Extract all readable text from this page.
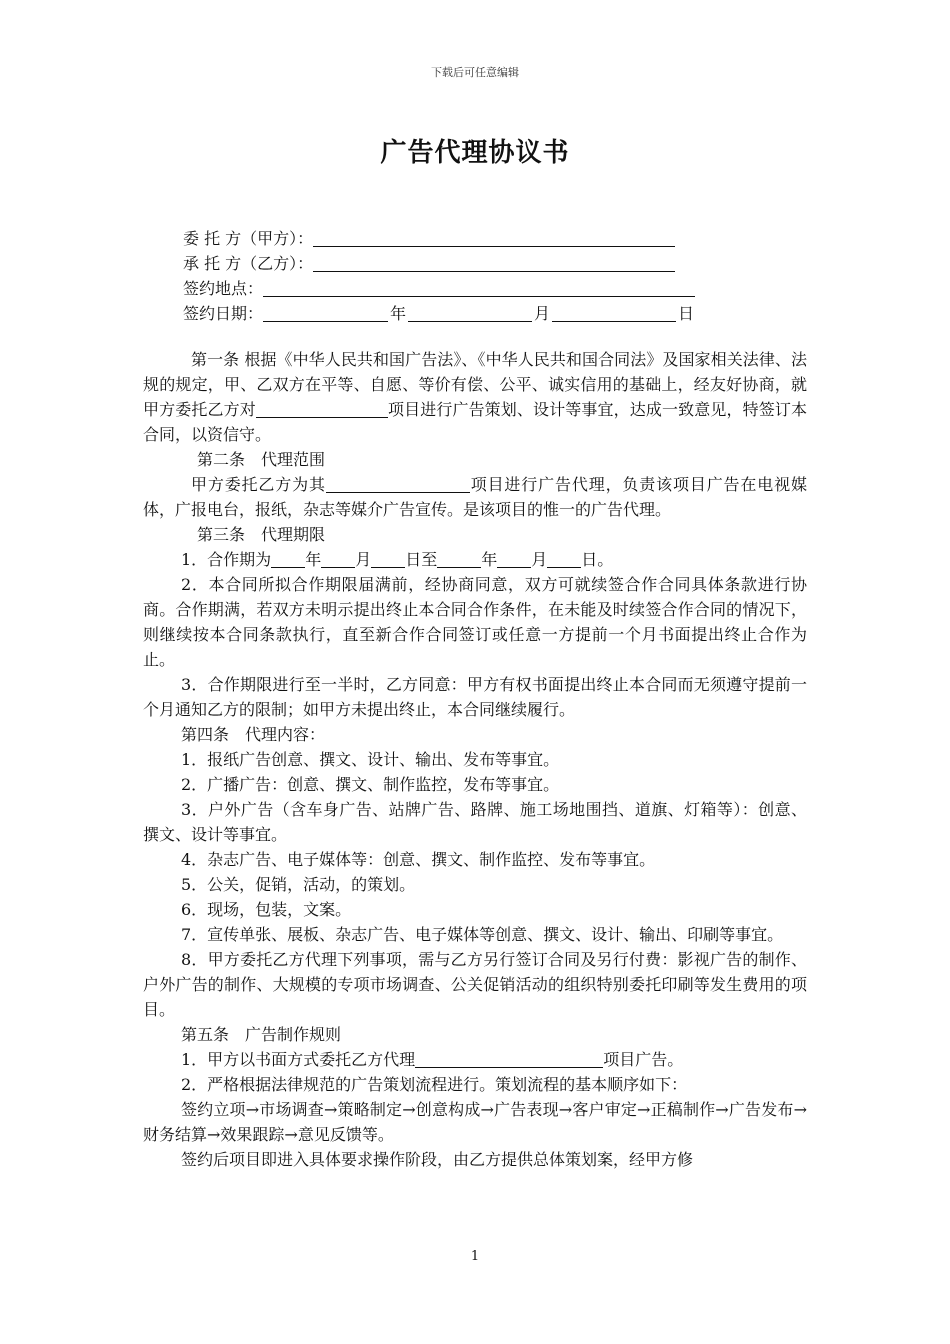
下载后可任意编辑
广告代理协议书
委 托 方（甲方）：
承 托 方（乙方）：
签约地点：
签约日期：	年	月	日

第一条 根据《中华人民共和国广告法》、《中华人民共和国合同法》及国家相关法律、法规的规定，甲、乙双方在平等、自愿、等价有偿、公平、诚实信用的基础上，经友好协商，就甲方委托乙方对	项目进行广告策划、设计等事宜，达成一致意见，特签订本合同，以资信守。

第二条　代理范围

甲方委托乙方为其	项目进行广告代理，负责该项目广告在电视媒体，广报电台，报纸，杂志等媒介广告宣传。是该项目的惟一的广告代理。

第三条　代理期限

1．合作期为 年 月 日至	年 月 日。

2．本合同所拟合作期限届满前，经协商同意，双方可就续签合作合同具体条款进行协商。合作期满，若双方未明示提出终止本合同合作条件，在未能及时续签合作合同的情况下，则继续按本合同条款执行，直至新合作合同签订或任意一方提前一个月书面提出终止合作为止。

3．合作期限进行至一半时，乙方同意：甲方有权书面提出终止本合同而无须遵守提前一个月通知乙方的限制；如甲方未提出终止，本合同继续履行。

第四条　代理内容：

1．报纸广告创意、撰文、设计、输出、发布等事宜。

2．广播广告：创意、撰文、制作监控，发布等事宜。

3．户外广告（含车身广告、站牌广告、路牌、施工场地围挡、道旗、灯箱等）：创意、撰文、设计等事宜。

4．杂志广告、电子媒体等：创意、撰文、制作监控、发布等事宜。

5．公关，促销，活动，的策划。

6．现场，包装，文案。

7．宣传单张、展板、杂志广告、电子媒体等创意、撰文、设计、输出、印刷等事宜。

8．甲方委托乙方代理下列事项，需与乙方另行签订合同及另行付费：影视广告的制作、户外广告的制作、大规模的专项市场调查、公关促销活动的组织特别委托印刷等发生费用的项目。

第五条　广告制作规则

1．甲方以书面方式委托乙方代理	项目广告。

2．严格根据法律规范的广告策划流程进行。策划流程的基本顺序如下：

签约立项→市场调查→策略制定→创意构成→广告表现→客户审定→正稿制作→广告发布→财务结算→效果跟踪→意见反馈等。

签约后项目即进入具体要求操作阶段，由乙方提供总体策划案，经甲方修

1
